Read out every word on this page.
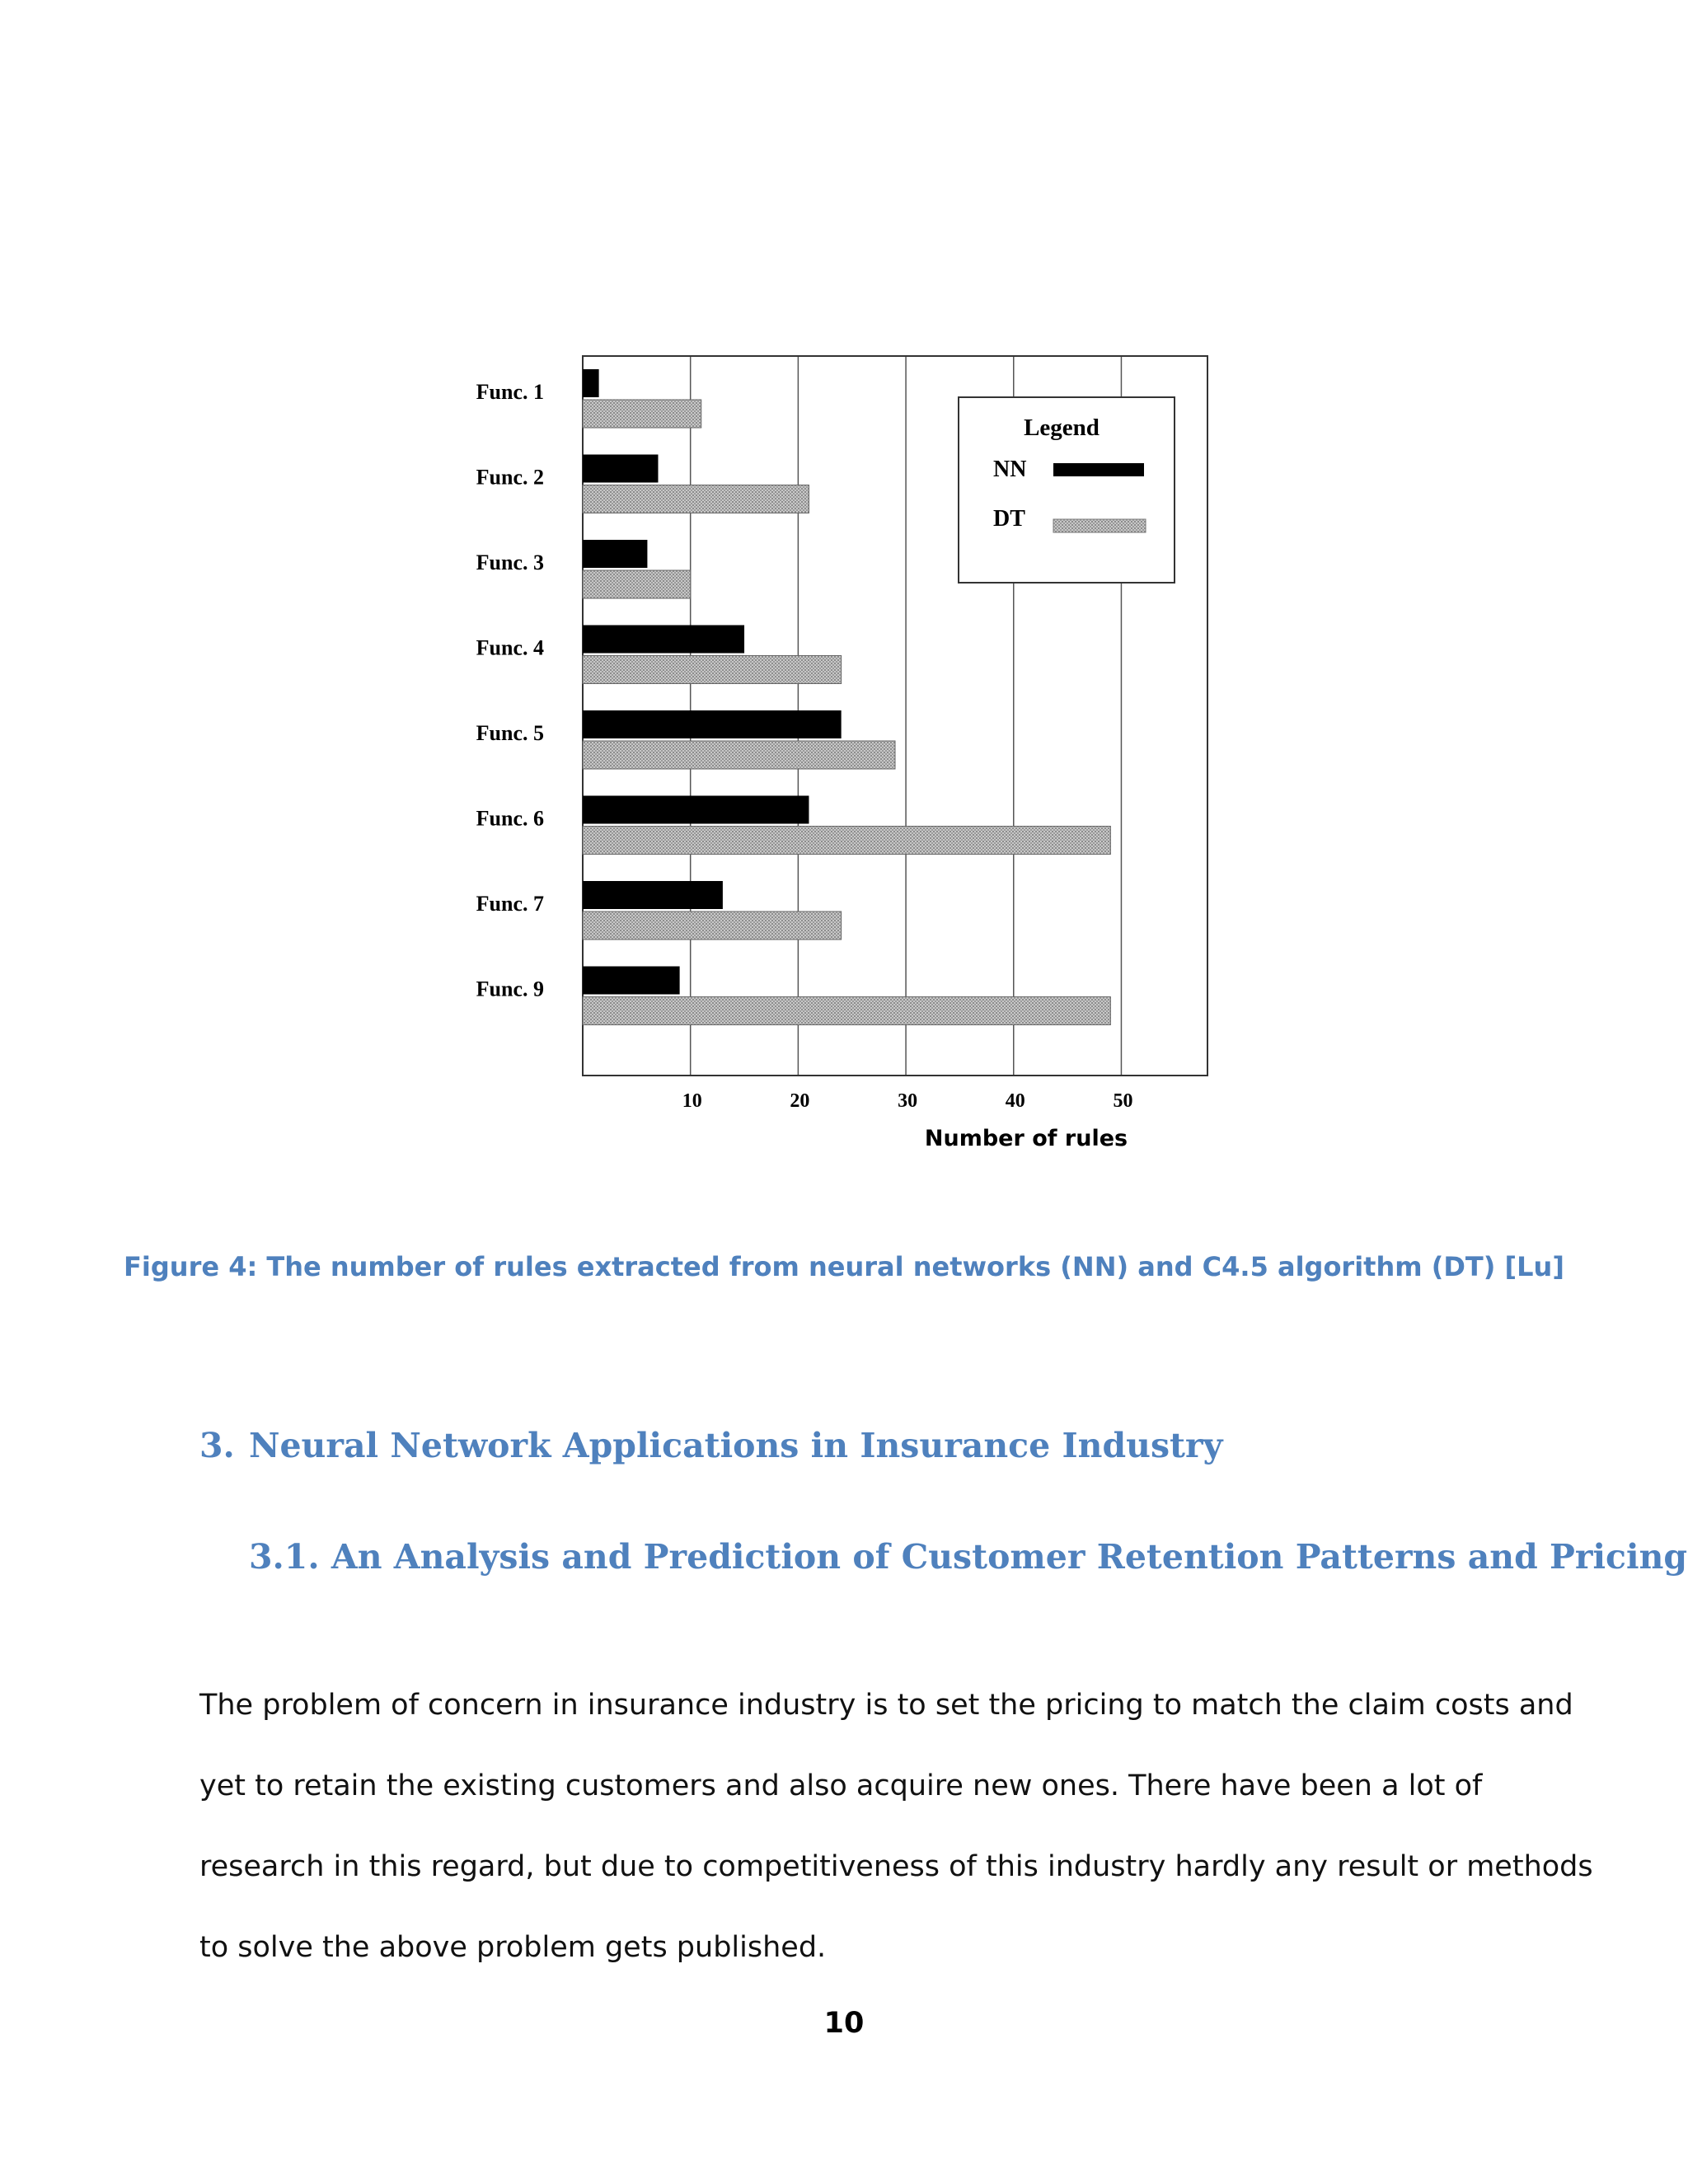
Func. 1
Func. 2
Func. 3
Func. 4
Func. 5
Func. 6
Func. 7
Func. 9
10	20	30	40	50
Number of rules
Legend
NN
DT
Figure 4: The number of rules extracted from neural networks (NN) and C4.5 algorithm (DT) [Lu]
3. Neural Network Applications in Insurance Industry
3.1. An Analysis and Prediction of Customer Retention Patterns and Pricing

The problem of concern in insurance industry is to set the pricing to match the claim costs and
yet to retain the existing customers and also acquire new ones. There have been a lot of
research in this regard, but due to competitiveness of this industry hardly any result or methods
to solve the above problem gets published.

10
